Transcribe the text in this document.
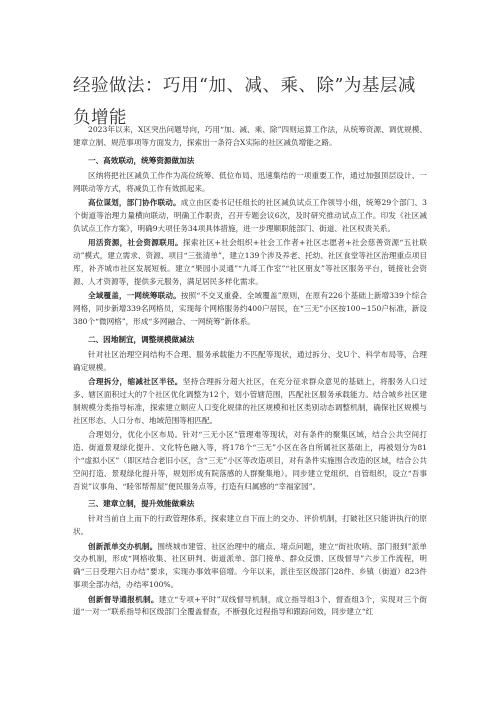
经验做法：巧用“加、减、乘、除”为基层减负增能

2023年以来，X区突出问题导向，巧用“加、减、乘、除”四则运算工作法，从统筹资源、调优规模、建章立制、规范事项等方面发力，探索出一条符合X实际的社区减负增能之路。

一、高效联动，统筹资源做加法

区纳将把社区减负工作作为高位统筹、低位布局、迅速集结的一项重要工作，通过加强顶层设计、一网联动等方式，将减负工作有效抓起来。

高位谋划，部门协作联动。成立由区委书记任组长的社区减负试点工作领导小组，统筹29个部门、3个街道等治理力量横向联动，明确工作职责，召开专题会议6次，及时研究推动试点工作。印发《社区减负试点工作方案》，明确9大项任务34项具体措施，进一步理顺职能部门、街道、社区权责关系。

用活资源，社会资源联用。探索社区+社会组织+社会工作者+社区志愿者+社会慈善资源“五社联动”模式，建立需求、资源、项目“三张清单”，建立139个涉及养老、托幼、社区食堂等社区治理重点项目库，补齐城市社区发展短板。建立“果园小灵通”“九哥工作室”“社区朋友”等社区服务平台，链接社会资源、人才资源等，提供多元服务，满足居民多样化需求。

全域覆盖，一网统筹联动。按照“不交叉重叠、全域覆盖”原则，在原有226个基础上新增339个综合网格，同步新增339名网格员，实现每个网格服务约400户居民，在“三无”小区按100~150户标准，新设380个“微网格”，形成“多网融合、一网统筹”新体系。

二、因地制宜，调整规模做减法

针对社区治理空间结构不合理、服务承载能力不匹配等现状，通过拆分、戈U个、科学布局等，合理确定规模。

合理拆分，缩减社区半径。坚持合理拆分超大社区，在充分征求群众意见的基础上，将服务人口过多、辖区面积过大的7个社区优化调整为12个，划小管辖范围，匹配社区服务承载能力。结合城乡社区建制规模分类指导标准，探索建立顺应人口变化规律的社区规模和社区类别动态调整机制，确保社区规模与社区形态、人口分布、地域范围等相匹配。

合理划分，优化小区布局。针对“三无小区”管理难等现状，对有条件的聚集区域，结合公共空间打造、街道景观绿化提升、文化特色融入等，将178个“三无”小区在各自所属社区基础上，再被划分为81个“虚拟小区”（即区结合老旧小区，含“三无”小区等改造项目，对有条件实施围合改造的区域，结合公共空间打造、景观绿化提升等，规划形成有院落感的人群聚集地）。同步建立党组织、自管组织，设立“吾事吾说”议事角、“睦邻帮帮屋”便民服务点等，打造有归属感的“幸福家园”。

三、建章立制，提升效能做乘法

针对当前自上而下的行政管理体系，探索建立自下而上的交办、评价机制，打破社区只能讲执行的原状。

创新派单交办机制。围绕城市建管、社区治理中的痛点、堵点问题，建立“街社吹哨、部门报到”派单交办机制，形成“网格收集、社区研判、街道派单、部门接单、群众反馈、区级督导”六步工作流程，明确“三日受理六日办结”要求，实现办事效率倍增。今年以来，派往至区级部门28件、乡镇（街道）823件事项全部办结，办结率100%。

创新督导通报机制。建立“专项+平时”双线督导机制，成立指导组3个、督查组3个，实现对三个街道“一对一”联系指导和区级部门全覆盖督查，不断强化过程指导和跟踪问效，同步建立“红
